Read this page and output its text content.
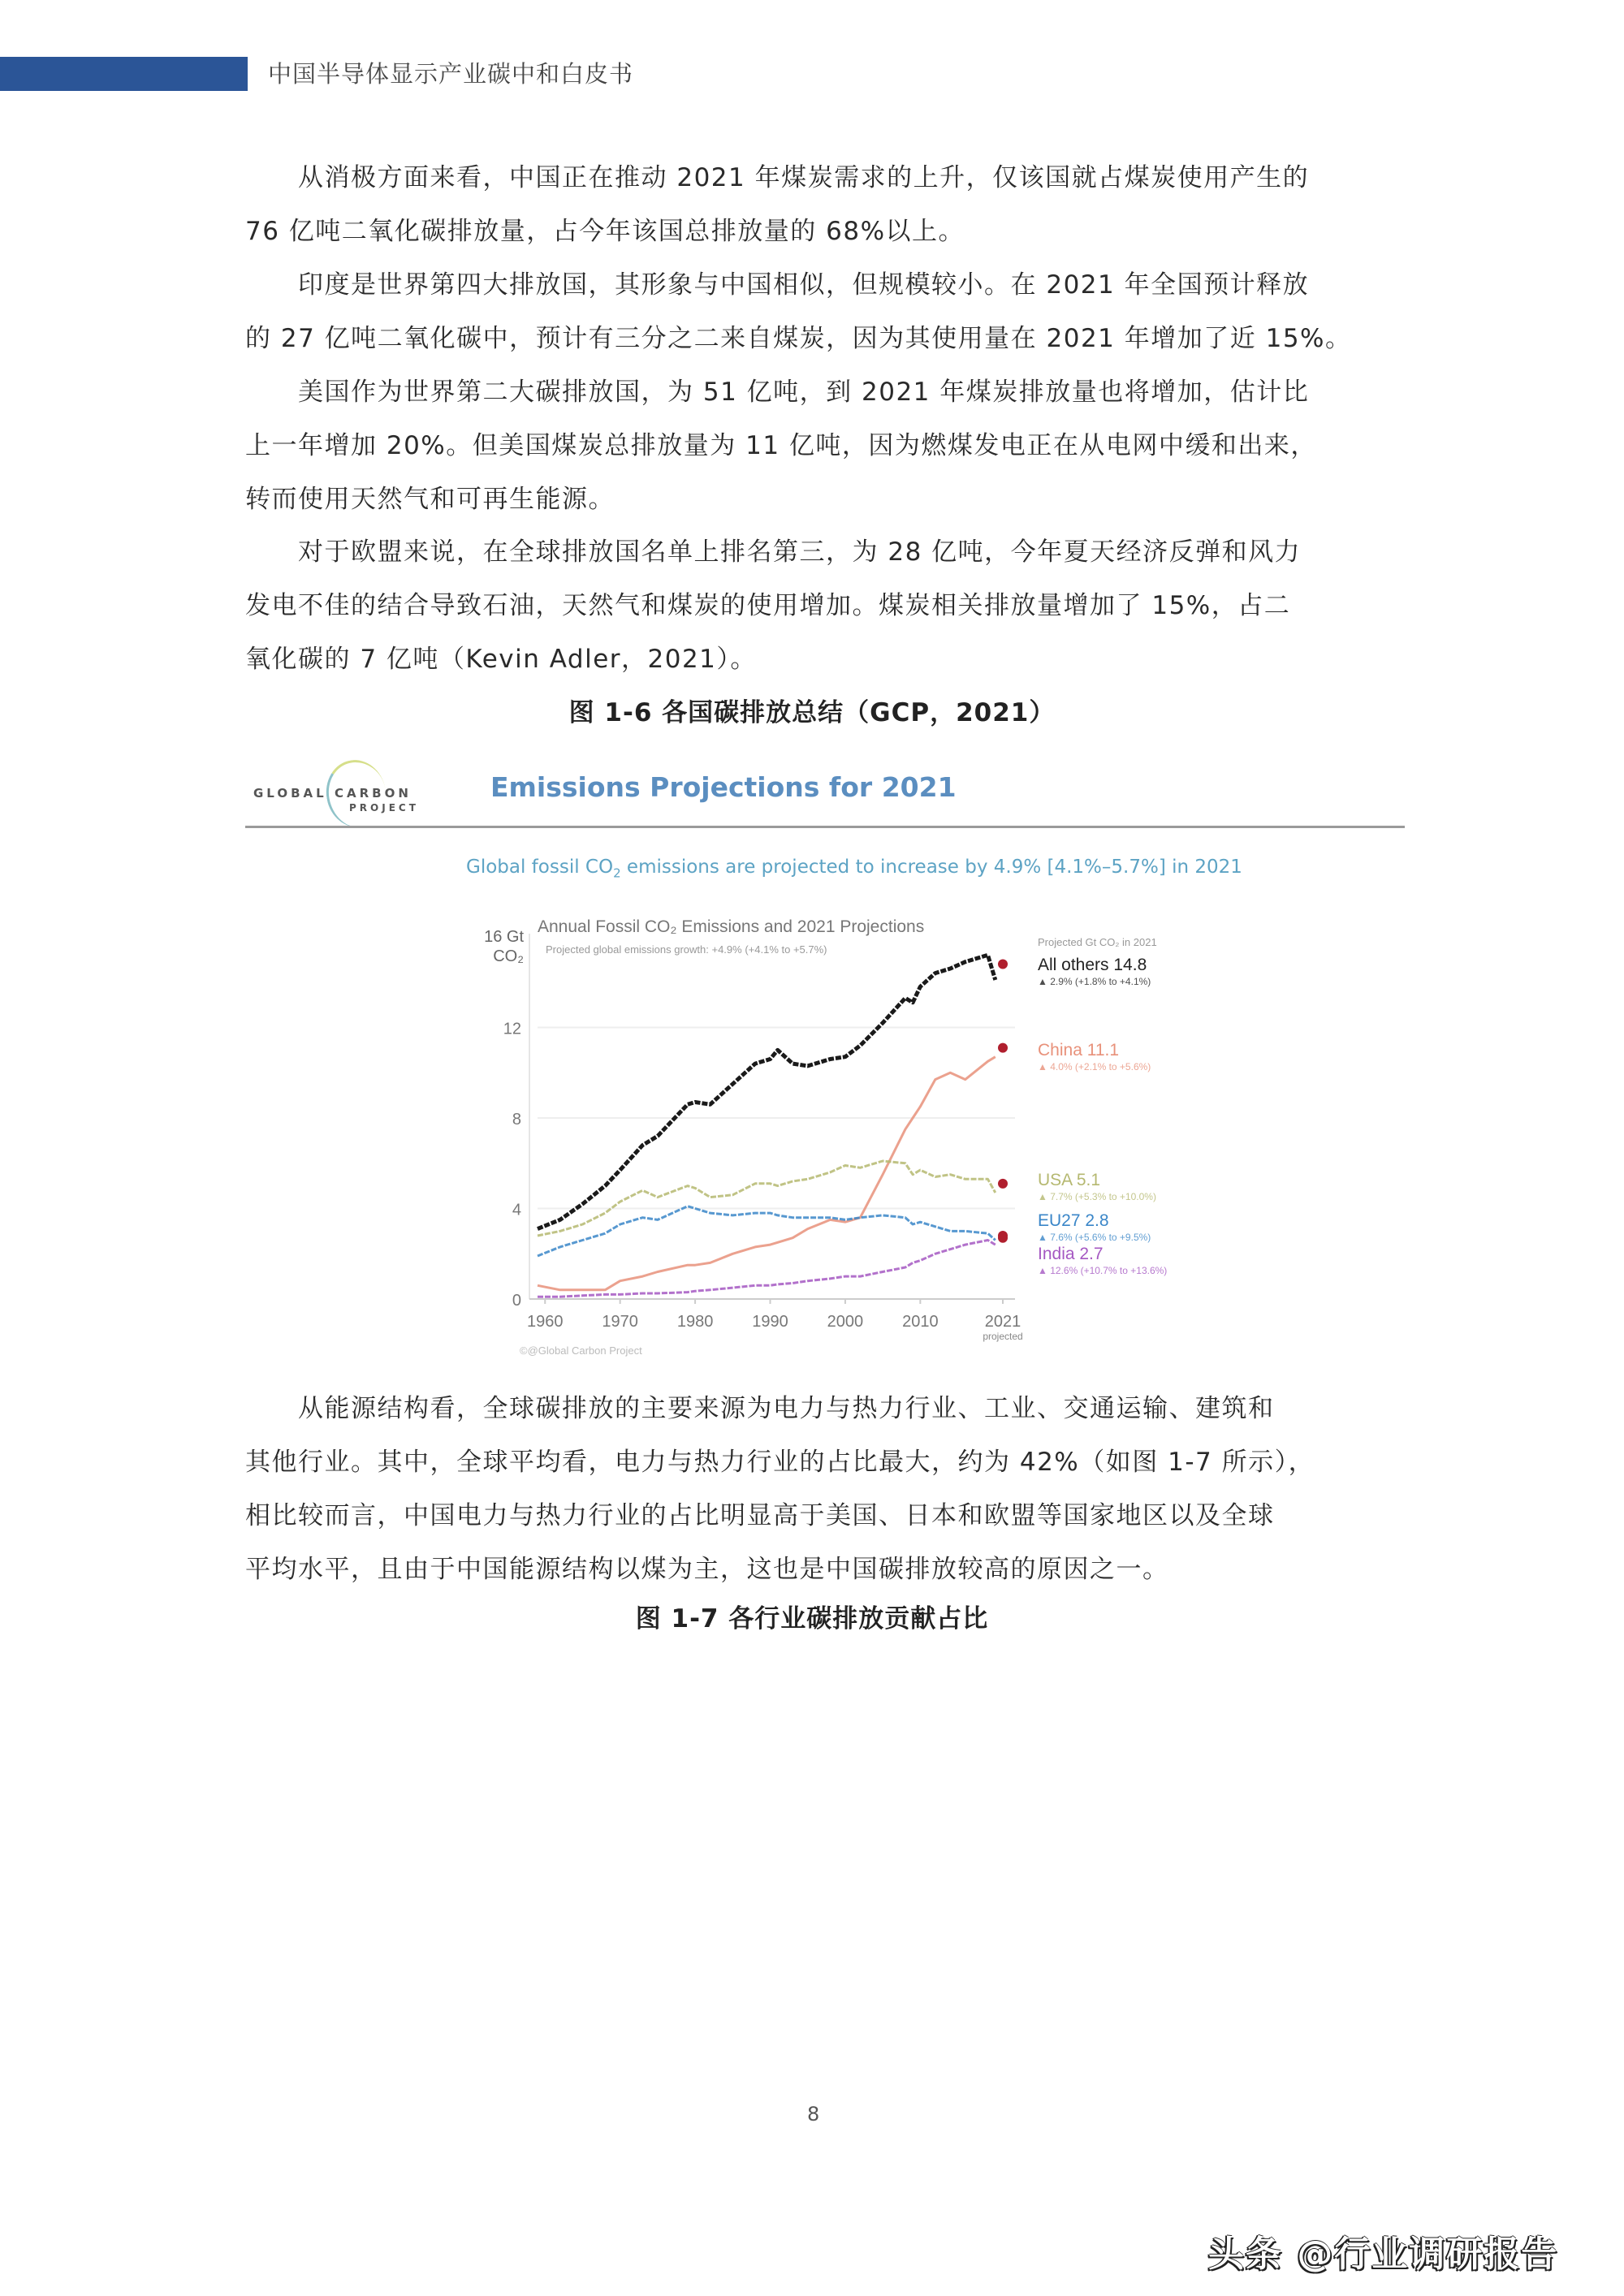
中国半导体显示产业碳中和白皮书
　　从消极方面来看，中国正在推动 2021 年煤炭需求的上升，仅该国就占煤炭使用产生的
76 亿吨二氧化碳排放量，占今年该国总排放量的 68%以上。
　　印度是世界第四大排放国，其形象与中国相似，但规模较小。在 2021 年全国预计释放
的 27 亿吨二氧化碳中，预计有三分之二来自煤炭，因为其使用量在 2021 年增加了近 15%。
　　美国作为世界第二大碳排放国，为 51 亿吨，到 2021 年煤炭排放量也将增加，估计比
上一年增加 20%。但美国煤炭总排放量为 11 亿吨，因为燃煤发电正在从电网中缓和出来，
转而使用天然气和可再生能源。
　　对于欧盟来说，在全球排放国名单上排名第三，为 28 亿吨，今年夏天经济反弹和风力
发电不佳的结合导致石油，天然气和煤炭的使用增加。煤炭相关排放量增加了 15%，占二
氧化碳的 7 亿吨（Kevin Adler，2021）。
图 1-6 各国碳排放总结（GCP，2021）
GLOBAL CARBON
PROJECT
Emissions Projections for 2021
Global fossil $CO_2$ emissions are projected to increase by 4.9% [4.1%–5.7%] in 2021
0
4
8
12
16 Gt
CO₂
Annual Fossil CO₂ Emissions and 2021 Projections
Projected global emissions growth: +4.9% (+4.1% to +5.7%)
1960 1970 1980 1990 2000 2010	2021
projected
©@Global Carbon Project
Projected Gt CO₂ in 2021
All others 14.8
▲ 2.9% (+1.8% to +4.1%)
China 11.1
▲ 4.0% (+2.1% to +5.6%)
USA 5.1
▲ 7.7% (+5.3% to +10.0%)
EU27 2.8
▲ 7.6% (+5.6% to +9.5%)
India 2.7
▲ 12.6% (+10.7% to +13.6%)
　　从能源结构看，全球碳排放的主要来源为电力与热力行业、工业、交通运输、建筑和
其他行业。其中，全球平均看，电力与热力行业的占比最大，约为 42%（如图 1-7 所示），
相比较而言，中国电力与热力行业的占比明显高于美国、日本和欧盟等国家地区以及全球
平均水平，且由于中国能源结构以煤为主，这也是中国碳排放较高的原因之一。
图 1-7 各行业碳排放贡献占比
8
头条 @行业调研报告
